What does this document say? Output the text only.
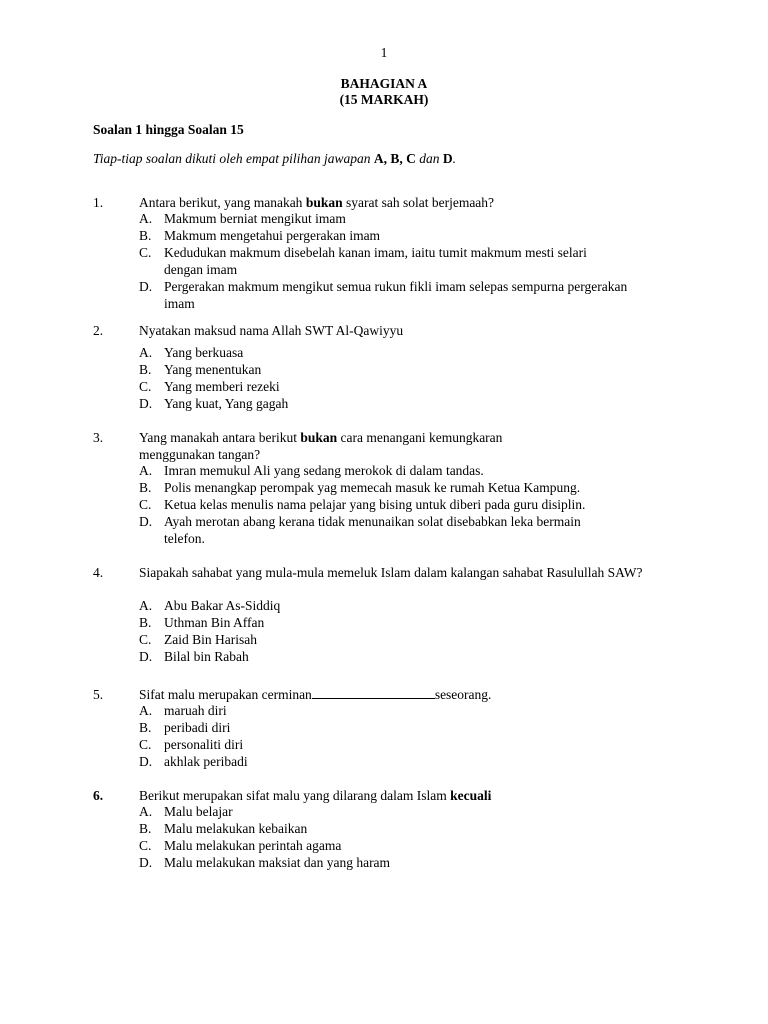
1
BAHAGIAN A
(15 MARKAH)
Soalan 1 hingga Soalan 15
Tiap-tiap soalan dikuti oleh empat pilihan jawapan A, B, C dan D.
1.	Antara berikut, yang manakah bukan syarat sah solat berjemaah?
A. Makmum berniat mengikut imam
B. Makmum mengetahui pergerakan imam
C. Kedudukan makmum disebelah kanan imam, iaitu tumit makmum mesti selari dengan imam
D. Pergerakan makmum mengikut semua rukun fikli imam selepas sempurna pergerakan imam
2.	Nyatakan maksud nama Allah SWT Al-Qawiyyu
A. Yang berkuasa
B. Yang menentukan
C. Yang memberi rezeki
D. Yang kuat, Yang gagah
3.	Yang manakah antara berikut bukan cara menangani kemungkaran menggunakan tangan?
A. Imran memukul Ali yang sedang merokok di dalam tandas.
B. Polis menangkap perompak yag memecah masuk ke rumah Ketua Kampung.
C. Ketua kelas menulis nama pelajar yang bising untuk diberi pada guru disiplin.
D. Ayah merotan abang kerana tidak menunaikan solat disebabkan leka bermain telefon.
4.	Siapakah sahabat yang mula-mula memeluk Islam dalam kalangan sahabat Rasulullah SAW?
A. Abu Bakar As-Siddiq
B. Uthman Bin Affan
C. Zaid Bin Harisah
D. Bilal bin Rabah
5.	Sifat malu merupakan cerminan	seseorang.
A. maruah diri
B. peribadi diri
C. personaliti diri
D. akhlak peribadi
6.	Berikut merupakan sifat malu yang dilarang dalam Islam kecuali
A. Malu belajar
B. Malu melakukan kebaikan
C. Malu melakukan perintah agama
D. Malu melakukan maksiat dan yang haram
